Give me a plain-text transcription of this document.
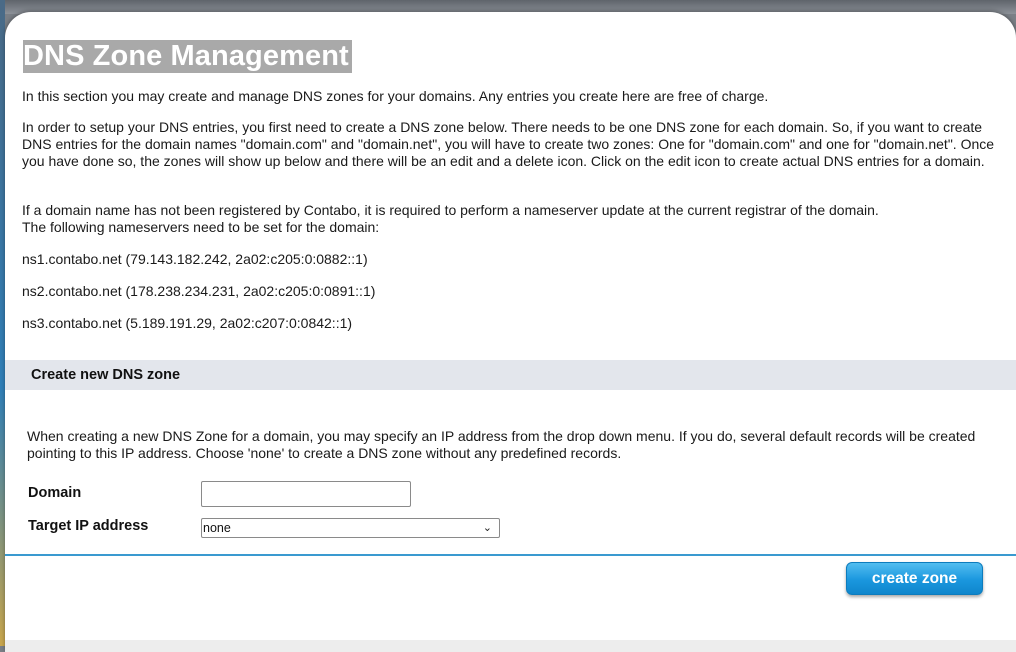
DNS Zone Management

In this section you may create and manage DNS zones for your domains. Any entries you create here are free of charge.

In order to setup your DNS entries, you first need to create a DNS zone below. There needs to be one DNS zone for each domain. So, if you want to create DNS entries for the domain names "domain.com" and "domain.net", you will have to create two zones: One for "domain.com" and one for "domain.net". Once you have done so, the zones will show up below and there will be an edit and a delete icon. Click on the edit icon to create actual DNS entries for a domain.

If a domain name has not been registered by Contabo, it is required to perform a nameserver update at the current registrar of the domain.
The following nameservers need to be set for the domain:

ns1.contabo.net (79.143.182.242, 2a02:c205:0:0882::1)

ns2.contabo.net (178.238.234.231, 2a02:c205:0:0891::1)

ns3.contabo.net (5.189.191.29, 2a02:c207:0:0842::1)

Create new DNS zone

When creating a new DNS Zone for a domain, you may specify an IP address from the drop down menu. If you do, several default records will be created pointing to this IP address. Choose 'none' to create a DNS zone without any predefined records.

Domain
Target IP address	none	⌄
create zone
